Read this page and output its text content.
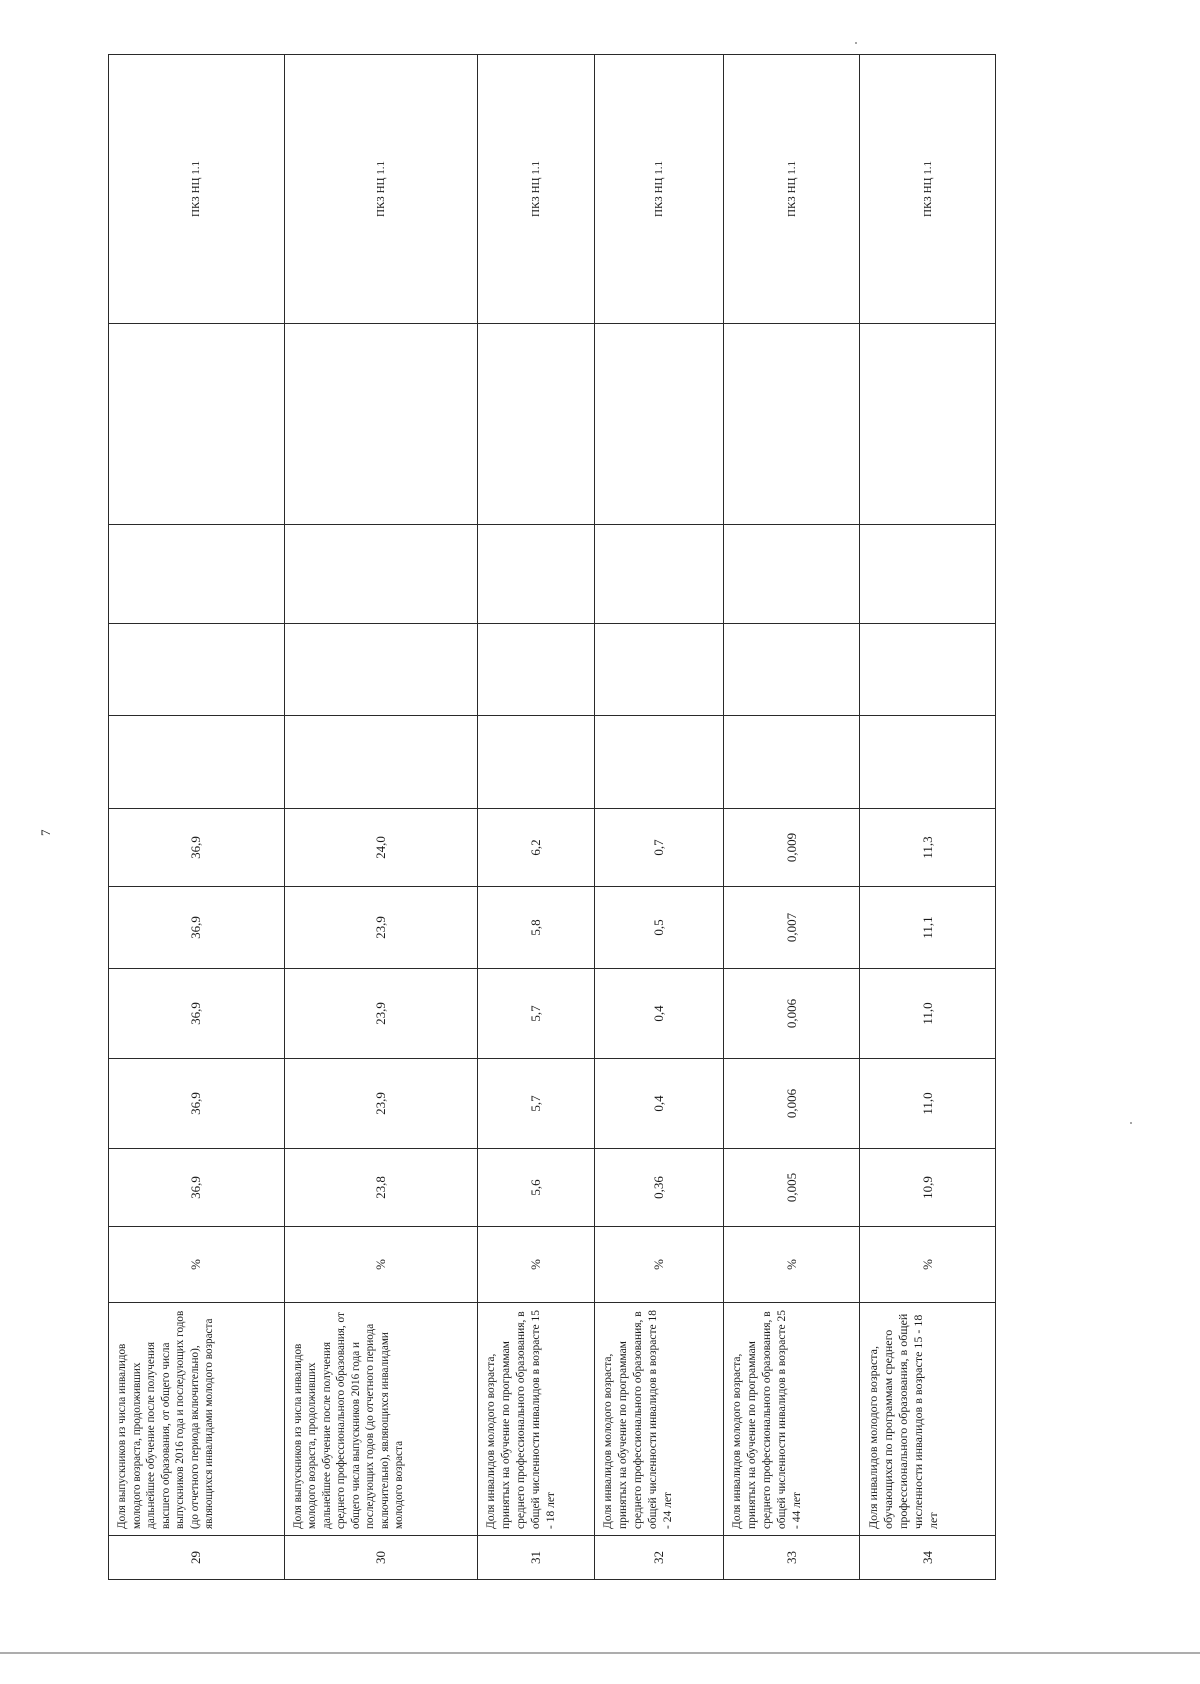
7
29	Доля выпускников из числа инвалидов молодого возраста, продолживших дальнейшее обучение после получения высшего образования, от общего числа выпускников 2016 года и последующих годов (до отчетного периода включительно), являющихся инвалидами молодого возраста	%	36,9	36,9	36,9	36,9	36,9					ПКЗ НЦ 1.1
30	Доля выпускников из числа инвалидов молодого возраста, продолживших дальнейшее обучение после получения среднего профессионального образования, от общего числа выпускников 2016 года и последующих годов (до отчетного периода включительно), являющихся инвалидами молодого возраста	%	23,8	23,9	23,9	23,9	24,0					ПКЗ НЦ 1.1
31	Доля инвалидов молодого возраста, принятых на обучение по программам среднего профессионального образования, в общей численности инвалидов в возрасте 15 - 18 лет	%	5,6	5,7	5,7	5,8	6,2					ПКЗ НЦ 1.1
32	Доля инвалидов молодого возраста, принятых на обучение по программам среднего профессионального образования, в общей численности инвалидов в возрасте 18 - 24 лет	%	0,36	0,4	0,4	0,5	0,7					ПКЗ НЦ 1.1
33	Доля инвалидов молодого возраста, принятых на обучение по программам среднего профессионального образования, в общей численности инвалидов в возрасте 25 - 44 лет	%	0,005	0,006	0,006	0,007	0,009					ПКЗ НЦ 1.1
34	Доля инвалидов молодого возраста, обучающихся по программам среднего профессионального образования, в общей численности инвалидов в возрасте 15 - 18 лет	%	10,9	11,0	11,0	11,1	11,3					ПКЗ НЦ 1.1
